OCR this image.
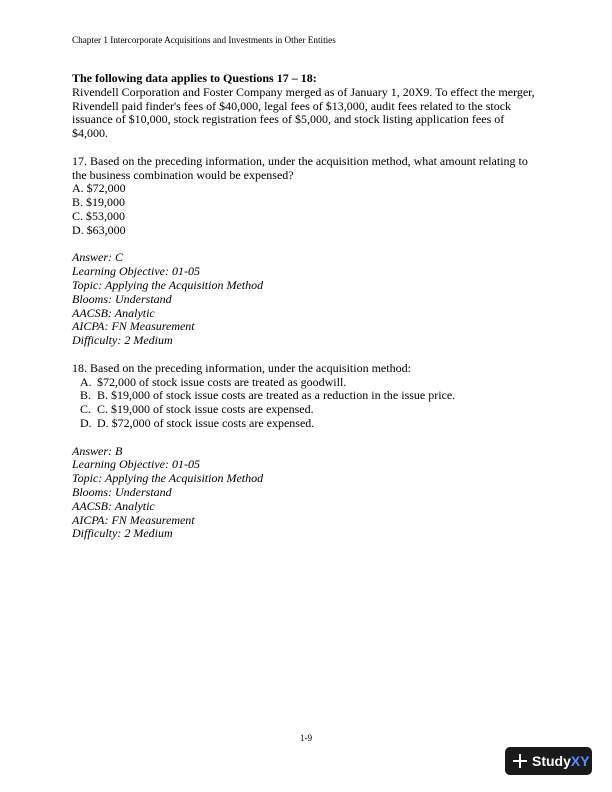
Chapter 1 Intercorporate Acquisitions and Investments in Other Entities

The following data applies to Questions 17 – 18:

Rivendell Corporation and Foster Company merged as of January 1, 20X9. To effect the merger,

Rivendell paid finder's fees of $40,000, legal fees of $13,000, audit fees related to the stock

issuance of $10,000, stock registration fees of $5,000, and stock listing application fees of

$4,000.

17. Based on the preceding information, under the acquisition method, what amount relating to

the business combination would be expensed?

A. $72,000

B. $19,000

C. $53,000

D. $63,000

Answer: C

Learning Objective: 01-05

Topic: Applying the Acquisition Method

Blooms: Understand

AACSB: Analytic

AICPA: FN Measurement

Difficulty: 2 Medium

18. Based on the preceding information, under the acquisition method:

A. $72,000 of stock issue costs are treated as goodwill.
B. B. $19,000 of stock issue costs are treated as a reduction in the issue price.
C. C. $19,000 of stock issue costs are expensed.
D. D. $72,000 of stock issue costs are expensed.

Answer: B

Learning Objective: 01-05

Topic: Applying the Acquisition Method

Blooms: Understand

AACSB: Analytic

AICPA: FN Measurement

Difficulty: 2 Medium

1-9
Study XY
